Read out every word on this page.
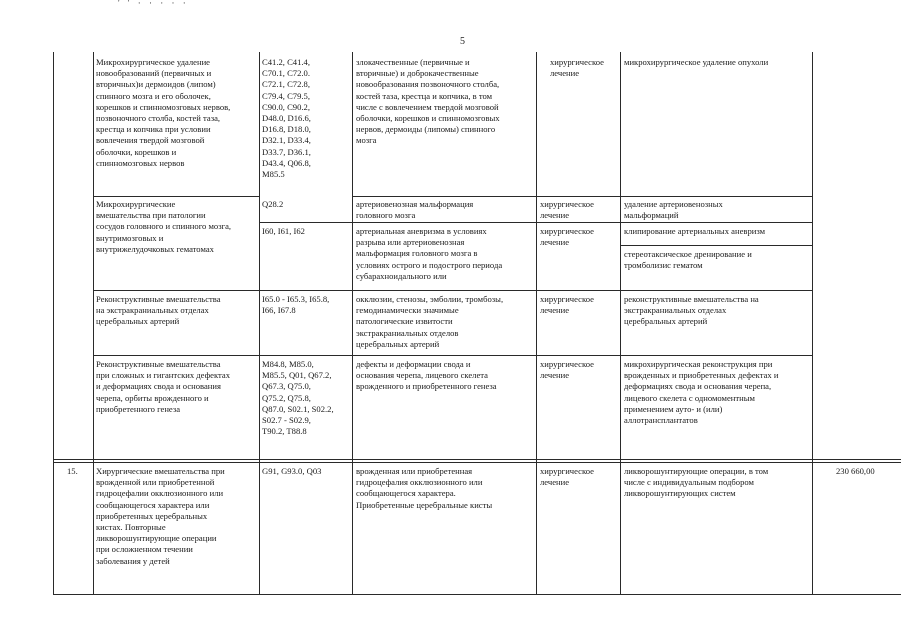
' ' · · · · ·
5
Микрохирургическое удаление
новообразований (первичных и
вторичных)и дермоидов (липом)
спинного мозга и его оболочек,
корешков и спинномозговых нервов,
позвоночного столба, костей таза,
крестца и копчика при условии
вовлечения твердой мозговой
оболочки, корешков и
спинномозговых нервов
C41.2, C41.4,
C70.1, C72.0.
C72.1, C72.8,
C79.4, C79.5,
C90.0, C90.2,
D48.0, D16.6,
D16.8, D18.0,
D32.1, D33.4,
D33.7, D36.1,
D43.4, Q06.8,
M85.5
злокачественные (первичные и
вторичные) и доброкачественные
новообразования позвоночного столба,
костей таза, крестца и копчика, в том
числе с вовлечением твердой мозговой
оболочки, корешков и спинномозговых
нервов, дермоиды (липомы) спинного
мозга
хирургическое
лечение
микрохирургическое удаление опухоли
Микрохирургические
вмешательства при патологии
сосудов головного и спинного мозга,
внутримозговых и
внутрижелудочковых гематомах
Q28.2
I60, I61, I62
артериовенозная мальформация
головного мозга
артериальная аневризма в условиях
разрыва или артериовенозная
мальформация головного мозга в
условиях острого и подострого периода
субарахноидального или
хирургическое
лечение
хирургическое
лечение
удаление артериовенозных
мальформаций
клипирование артериальных аневризм
стереотаксическое дренирование и
тромболизис гематом
Реконструктивные вмешательства
на экстракраниальных отделах
церебральных артерий
I65.0 - I65.3, I65.8,
I66, I67.8
окклюзии, стенозы, эмболии, тромбозы,
гемодинамически значимые
патологические извитости
экстракраниальных отделов
церебральных артерий
хирургическое
лечение
реконструктивные вмешательства на
экстракраниальных отделах
церебральных артерий
Реконструктивные вмешательства
при сложных и гигантских дефектах
и деформациях свода и основания
черепа, орбиты врожденного и
приобретенного генеза
M84.8, M85.0,
M85.5, Q01, Q67.2,
Q67.3, Q75.0,
Q75.2, Q75.8,
Q87.0, S02.1, S02.2,
S02.7 - S02.9,
T90.2, T88.8
дефекты и деформации свода и
основания черепа, лицевого скелета
врожденного и приобретенного генеза
хирургическое
лечение
микрохирургическая реконструкция при
врожденных и приобретенных дефектах и
деформациях свода и основания черепа,
лицевого скелета с одномоментным
применением ауто- и (или)
аллотрансплантатов
15.	Хирургические вмешательства при
врожденной или приобретенной
гидроцефалии окклюзионного или
сообщающегося характера или
приобретенных церебральных
кистах. Повторные
ликворошунтирующие операции
при осложненном течении
заболевания у детей
G91, G93.0, Q03	врожденная или приобретенная
гидроцефалия окклюзионного или
сообщающегося характера.
Приобретенные церебральные кисты
хирургическое
лечение
ликворошунтирующие операции, в том
числе с индивидуальным подбором
ликворошунтирующих систем
230 660,00
